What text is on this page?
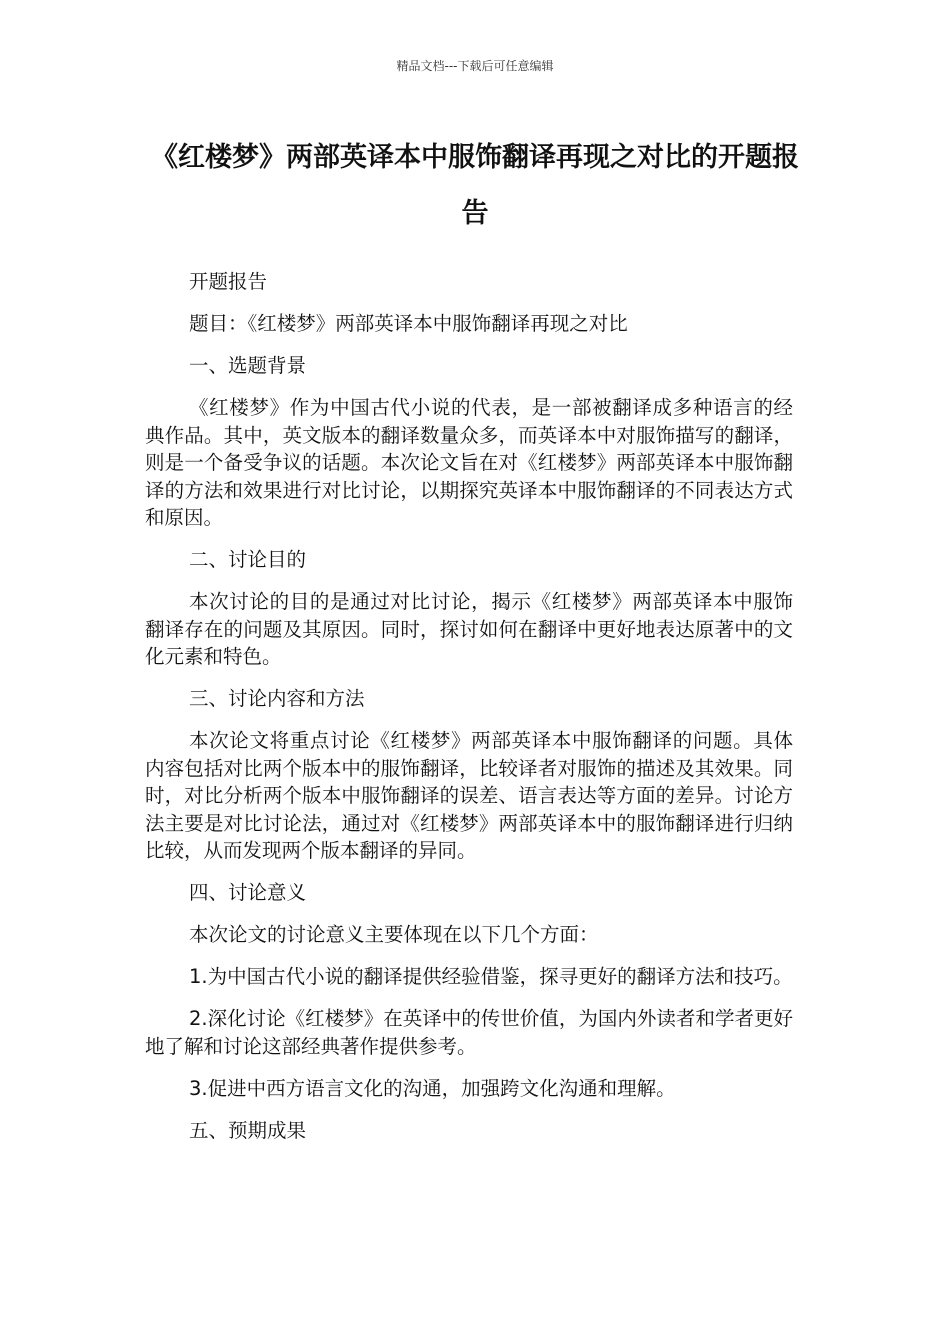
精品文档---下载后可任意编辑
《红楼梦》两部英译本中服饰翻译再现之对比的开题报告

开题报告

题目：《红楼梦》两部英译本中服饰翻译再现之对比

一、选题背景

《红楼梦》作为中国古代小说的代表，是一部被翻译成多种语言的经典作品。其中，英文版本的翻译数量众多，而英译本中对服饰描写的翻译，则是一个备受争议的话题。本次论文旨在对《红楼梦》两部英译本中服饰翻译的方法和效果进行对比讨论，以期探究英译本中服饰翻译的不同表达方式和原因。

二、讨论目的

本次讨论的目的是通过对比讨论，揭示《红楼梦》两部英译本中服饰翻译存在的问题及其原因。同时，探讨如何在翻译中更好地表达原著中的文化元素和特色。

三、讨论内容和方法

本次论文将重点讨论《红楼梦》两部英译本中服饰翻译的问题。具体内容包括对比两个版本中的服饰翻译，比较译者对服饰的描述及其效果。同时，对比分析两个版本中服饰翻译的误差、语言表达等方面的差异。讨论方法主要是对比讨论法，通过对《红楼梦》两部英译本中的服饰翻译进行归纳比较，从而发现两个版本翻译的异同。

四、讨论意义

本次论文的讨论意义主要体现在以下几个方面：

1.为中国古代小说的翻译提供经验借鉴，探寻更好的翻译方法和技巧。

2.深化讨论《红楼梦》在英译中的传世价值，为国内外读者和学者更好地了解和讨论这部经典著作提供参考。

3.促进中西方语言文化的沟通，加强跨文化沟通和理解。

五、预期成果
